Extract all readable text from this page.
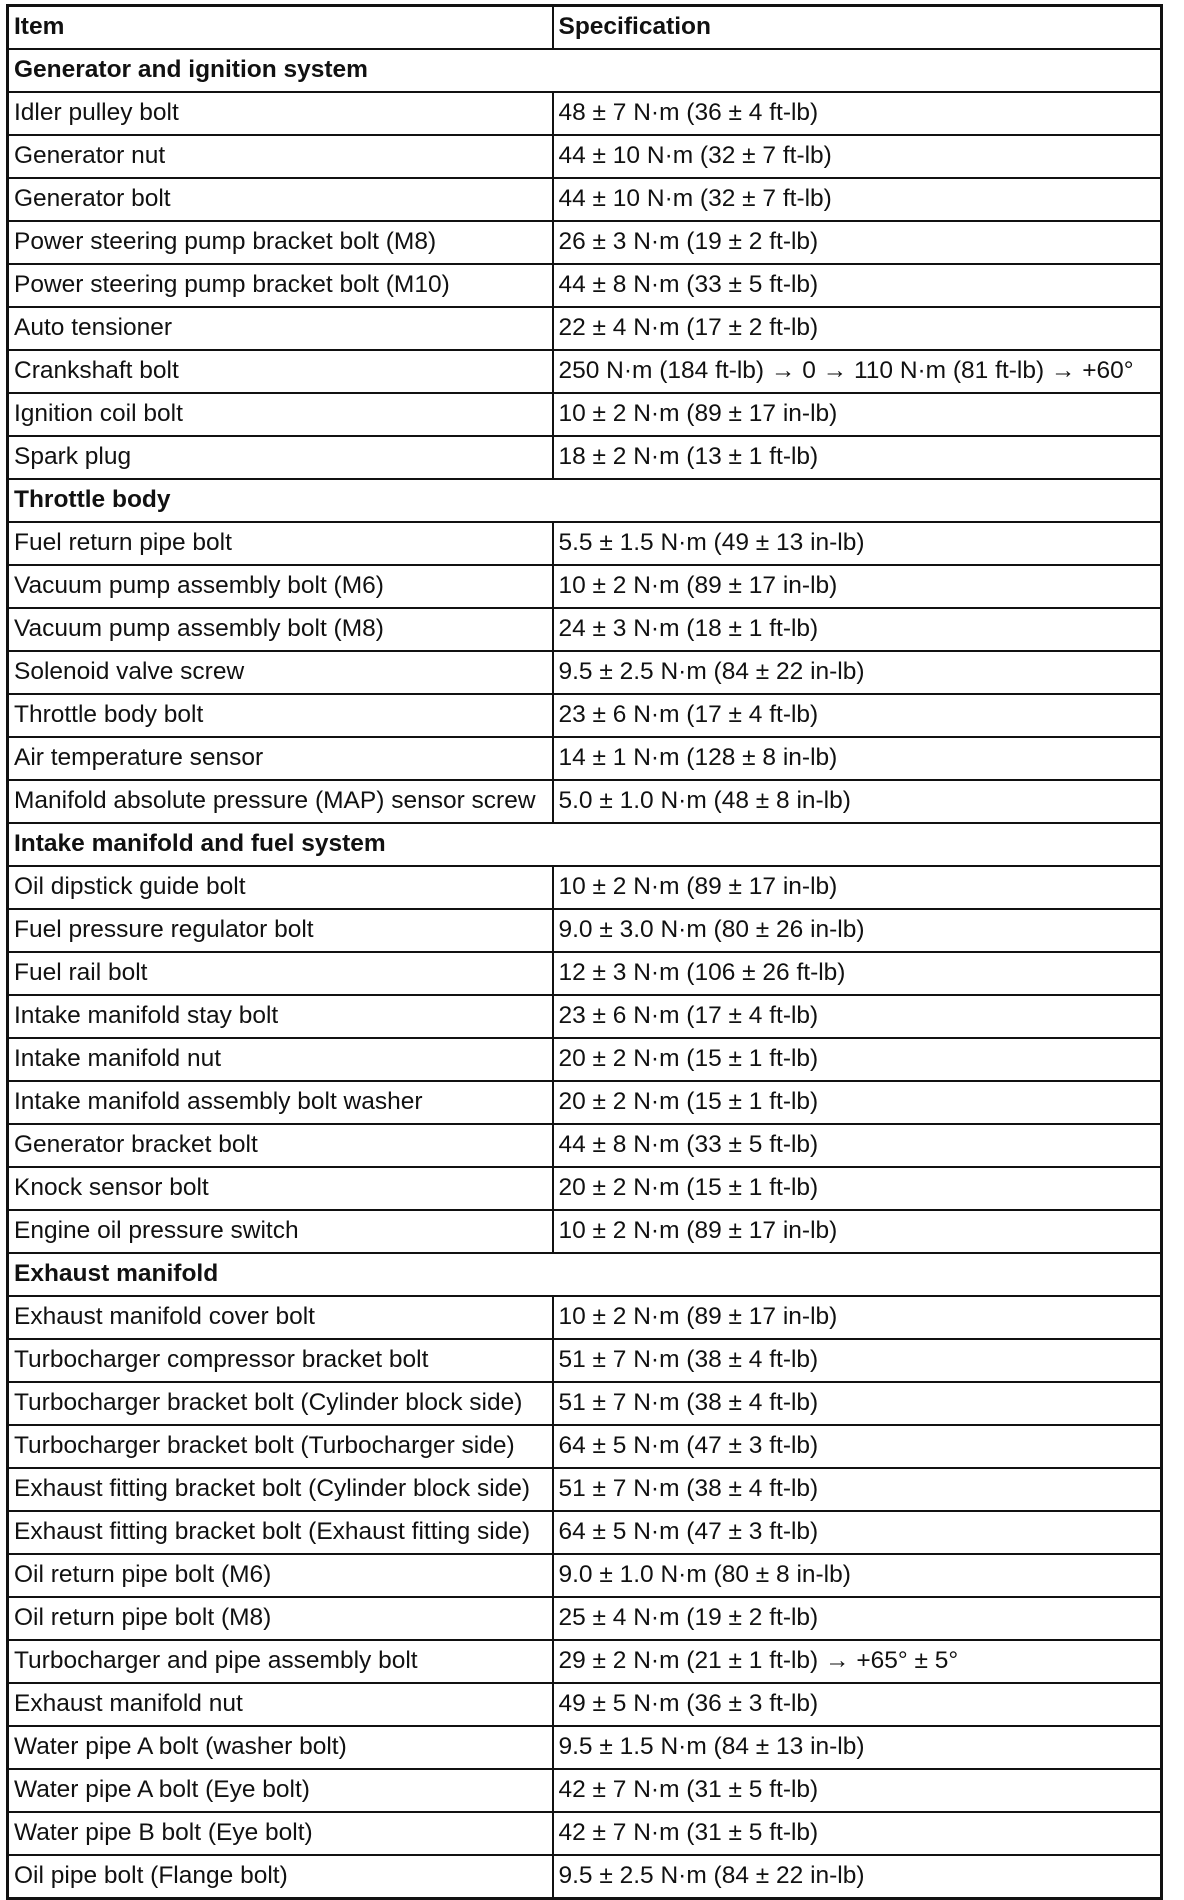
Item	Specification
Generator and ignition system	
Idler pulley bolt	48 ± 7 N·m (36 ± 4 ft-lb)
Generator nut	44 ± 10 N·m (32 ± 7 ft-lb)
Generator bolt	44 ± 10 N·m (32 ± 7 ft-lb)
Power steering pump bracket bolt (M8)	26 ± 3 N·m (19 ± 2 ft-lb)
Power steering pump bracket bolt (M10)	44 ± 8 N·m (33 ± 5 ft-lb)
Auto tensioner	22 ± 4 N·m (17 ± 2 ft-lb)
Crankshaft bolt	250 N·m (184 ft-lb) → 0 → 110 N·m (81 ft-lb) → +60°
Ignition coil bolt	10 ± 2 N·m (89 ± 17 in-lb)
Spark plug	18 ± 2 N·m (13 ± 1 ft-lb)
Throttle body	
Fuel return pipe bolt	5.5 ± 1.5 N·m (49 ± 13 in-lb)
Vacuum pump assembly bolt (M6)	10 ± 2 N·m (89 ± 17 in-lb)
Vacuum pump assembly bolt (M8)	24 ± 3 N·m (18 ± 1 ft-lb)
Solenoid valve screw	9.5 ± 2.5 N·m (84 ± 22 in-lb)
Throttle body bolt	23 ± 6 N·m (17 ± 4 ft-lb)
Air temperature sensor	14 ± 1 N·m (128 ± 8 in-lb)
Manifold absolute pressure (MAP) sensor screw	5.0 ± 1.0 N·m (48 ± 8 in-lb)
Intake manifold and fuel system	
Oil dipstick guide bolt	10 ± 2 N·m (89 ± 17 in-lb)
Fuel pressure regulator bolt	9.0 ± 3.0 N·m (80 ± 26 in-lb)
Fuel rail bolt	12 ± 3 N·m (106 ± 26 ft-lb)
Intake manifold stay bolt	23 ± 6 N·m (17 ± 4 ft-lb)
Intake manifold nut	20 ± 2 N·m (15 ± 1 ft-lb)
Intake manifold assembly bolt washer	20 ± 2 N·m (15 ± 1 ft-lb)
Generator bracket bolt	44 ± 8 N·m (33 ± 5 ft-lb)
Knock sensor bolt	20 ± 2 N·m (15 ± 1 ft-lb)
Engine oil pressure switch	10 ± 2 N·m (89 ± 17 in-lb)
Exhaust manifold	
Exhaust manifold cover bolt	10 ± 2 N·m (89 ± 17 in-lb)
Turbocharger compressor bracket bolt	51 ± 7 N·m (38 ± 4 ft-lb)
Turbocharger bracket bolt (Cylinder block side)	51 ± 7 N·m (38 ± 4 ft-lb)
Turbocharger bracket bolt (Turbocharger side)	64 ± 5 N·m (47 ± 3 ft-lb)
Exhaust fitting bracket bolt (Cylinder block side)	51 ± 7 N·m (38 ± 4 ft-lb)
Exhaust fitting bracket bolt (Exhaust fitting side)	64 ± 5 N·m (47 ± 3 ft-lb)
Oil return pipe bolt (M6)	9.0 ± 1.0 N·m (80 ± 8 in-lb)
Oil return pipe bolt (M8)	25 ± 4 N·m (19 ± 2 ft-lb)
Turbocharger and pipe assembly bolt	29 ± 2 N·m (21 ± 1 ft-lb) → +65° ± 5°
Exhaust manifold nut	49 ± 5 N·m (36 ± 3 ft-lb)
Water pipe A bolt (washer bolt)	9.5 ± 1.5 N·m (84 ± 13 in-lb)
Water pipe A bolt (Eye bolt)	42 ± 7 N·m (31 ± 5 ft-lb)
Water pipe B bolt (Eye bolt)	42 ± 7 N·m (31 ± 5 ft-lb)
Oil pipe bolt (Flange bolt)	9.5 ± 2.5 N·m (84 ± 22 in-lb)
